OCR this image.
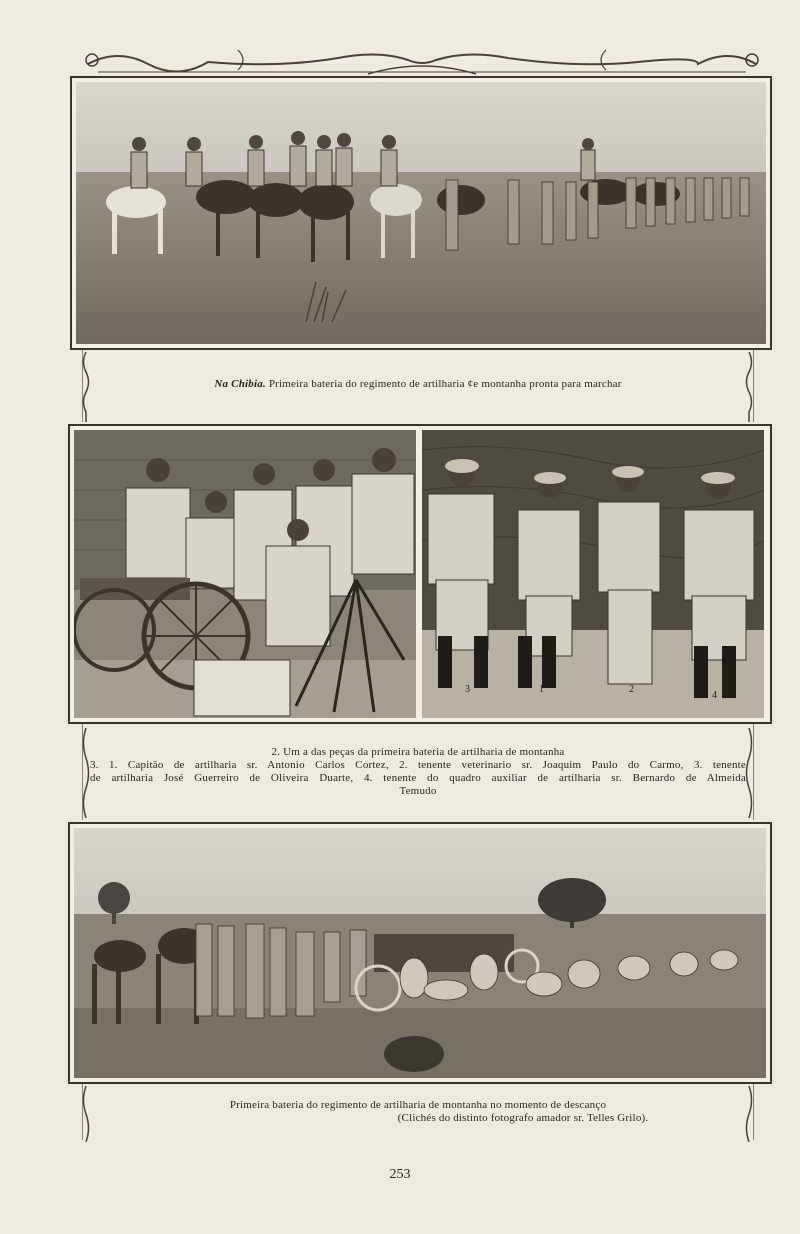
Na Chibia. Primeira bateria do regimento de artilharia ¢e montanha pronta para marchar
3	1	2
4
2. Um a das peças da primeira bateria de artilharia de montanha
3. 1. Capitão de artilharia sr. Antonio Carlos Cortez, 2. tenente veterinario sr. Joaquim Paulo do Carmo, 3. tenente
de artilharia José Guerreiro de Oliveira Duarte, 4. tenente do quadro auxiliar de artilharia sr. Bernardo de Almeida
Temudo
Primeira bateria do regimento de artilharia de montanha no momento de descanço
(Clichés do distinto fotografo amador sr. Telles Grilo).
253
